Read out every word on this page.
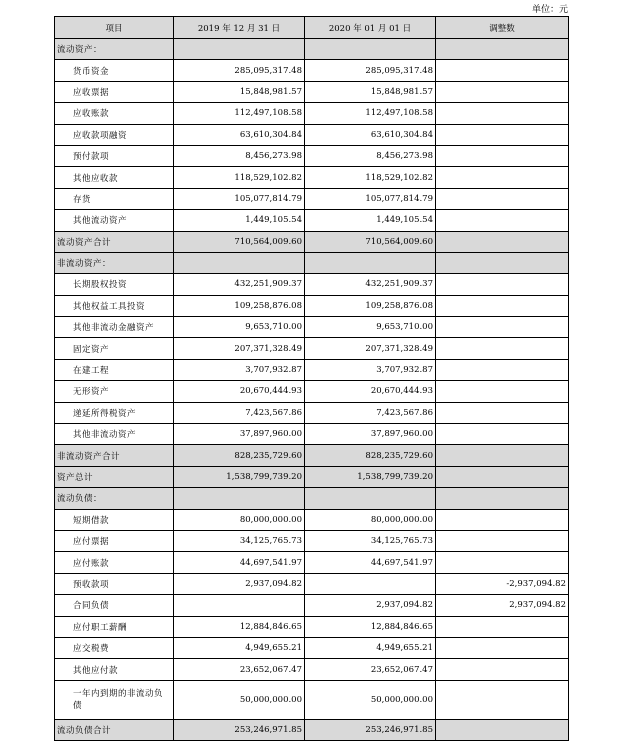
单位：元
项目	2019 年 12 月 31 日	2020 年 01 月 01 日	调整数
流动资产：			
货币资金	285,095,317.48	285,095,317.48	
应收票据	15,848,981.57	15,848,981.57	
应收账款	112,497,108.58	112,497,108.58	
应收款项融资	63,610,304.84	63,610,304.84	
预付款项	8,456,273.98	8,456,273.98	
其他应收款	118,529,102.82	118,529,102.82	
存货	105,077,814.79	105,077,814.79	
其他流动资产	1,449,105.54	1,449,105.54	
流动资产合计	710,564,009.60	710,564,009.60	
非流动资产：			
长期股权投资	432,251,909.37	432,251,909.37	
其他权益工具投资	109,258,876.08	109,258,876.08	
其他非流动金融资产	9,653,710.00	9,653,710.00	
固定资产	207,371,328.49	207,371,328.49	
在建工程	3,707,932.87	3,707,932.87	
无形资产	20,670,444.93	20,670,444.93	
递延所得税资产	7,423,567.86	7,423,567.86	
其他非流动资产	37,897,960.00	37,897,960.00	
非流动资产合计	828,235,729.60	828,235,729.60	
资产总计	1,538,799,739.20	1,538,799,739.20	
流动负债：			
短期借款	80,000,000.00	80,000,000.00	
应付票据	34,125,765.73	34,125,765.73	
应付账款	44,697,541.97	44,697,541.97	
预收款项	2,937,094.82		-2,937,094.82
合同负债		2,937,094.82	2,937,094.82
应付职工薪酬	12,884,846.65	12,884,846.65	
应交税费	4,949,655.21	4,949,655.21	
其他应付款	23,652,067.47	23,652,067.47	
一年内到期的非流动负债	50,000,000.00	50,000,000.00	
流动负债合计	253,246,971.85	253,246,971.85	
